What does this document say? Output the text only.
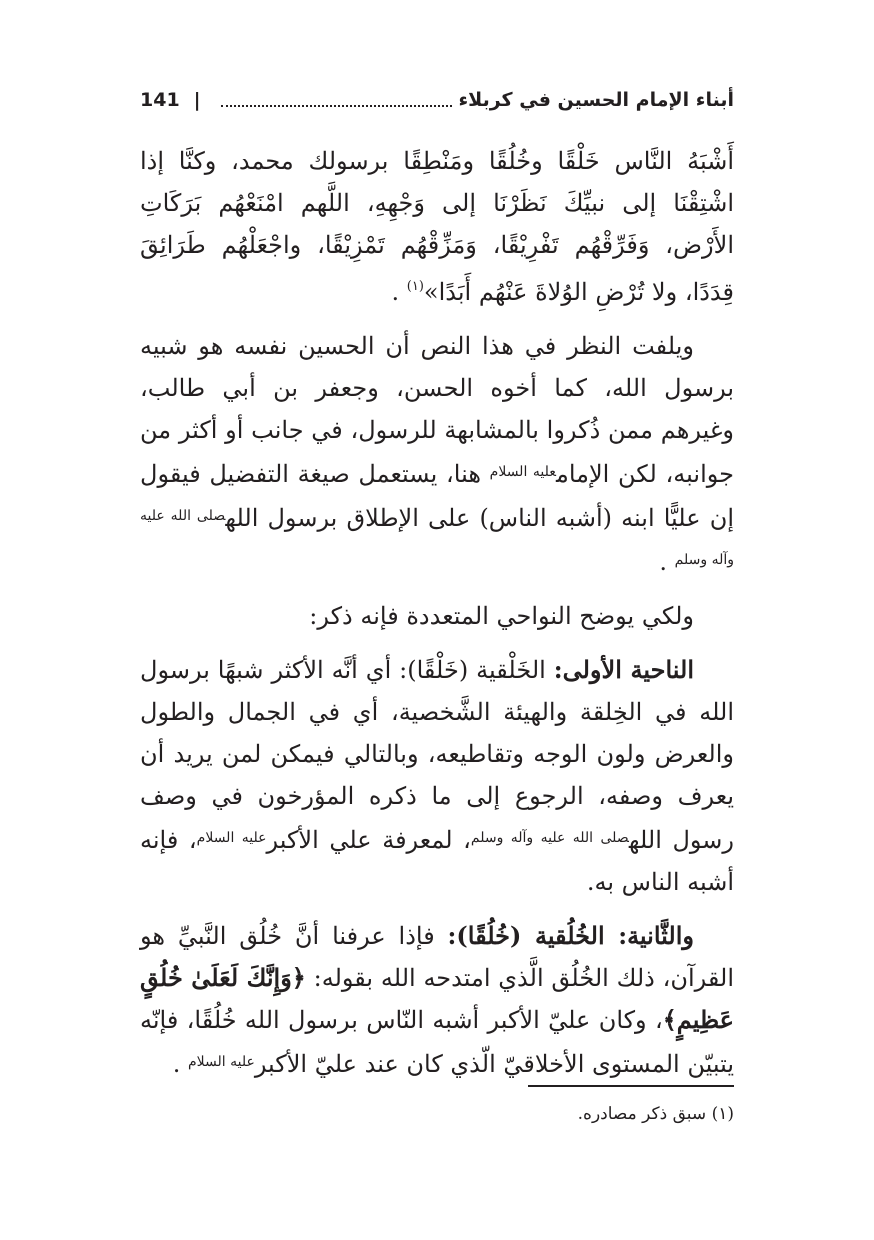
أبناء الإمام الحسين في كربلاء
|
141

أَشْبَهُ النَّاس خَلْقًا وخُلُقًا ومَنْطِقًا برسولك محمد، وكنَّا إذا اشْتِقْنَا إلى نبيِّكَ نَظَرْنَا إلى وَجْهِهِ، اللَّهم امْنَعْهُم بَرَكَاتِ الأَرْض، وَفَرِّقْهُم تَفْرِيْقًا، وَمَزِّقْهُم تَمْزِيْقًا، واجْعَلْهُم طَرَائِقَ قِدَدًا، ولا تُرْضِ الوُلاةَ عَنْهُم أَبَدًا»$^{(١)}$ .

ويلفت النظر في هذا النص أن الحسين نفسه هو شبيه برسول الله، كما أخوه الحسن، وجعفر بن أبي طالب، وغيرهم ممن ذُكروا بالمشابهة للرسول، في جانب أو أكثر من جوانبه، لكن الإمام$^{عليه السلام}$ هنا، يستعمل صيغة التفضيل فيقول إن عليًّا ابنه (أشبه الناس) على الإطلاق برسول الله$^{صلى الله عليه وآله وسلم}$ .

ولكي يوضح النواحي المتعددة فإنه ذكر:

الناحية الأولى: الخَلْقية (خَلْقًا): أي أنَّه الأكثر شبهًا برسول الله في الخِلقة والهيئة الشَّخصية، أي في الجمال والطول والعرض ولون الوجه وتقاطيعه، وبالتالي فيمكن لمن يريد أن يعرف وصفه، الرجوع إلى ما ذكره المؤرخون في وصف رسول الله$^{صلى الله عليه وآله وسلم}$، لمعرفة علي الأكبر$^{عليه السلام}$، فإنه أشبه الناس به.

والثَّانية: الخُلُقية (خُلُقًا): فإذا عرفنا أنَّ خُلُق النَّبيِّ هو القرآن، ذلك الخُلُق الَّذي امتدحه الله بقوله: ﴿وَإِنَّكَ لَعَلَىٰ خُلُقٍ عَظِيمٍ﴾، وكان عليّ الأكبر أشبه النّاس برسول الله خُلُقًا، فإنّه يتبيّن المستوى الأخلاقيّ الّذي كان عند عليّ الأكبر$^{عليه السلام}$ .

(١) سبق ذكر مصادره.
